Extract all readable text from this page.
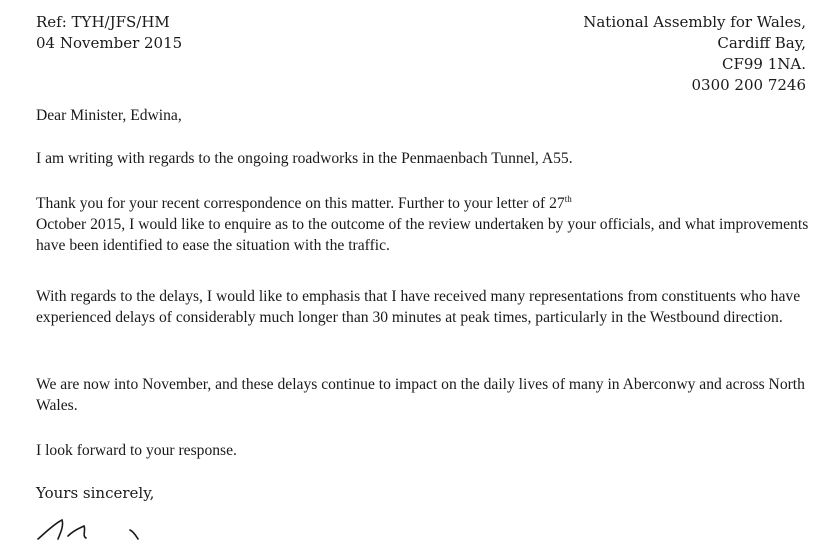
Ref: TYH/JFS/HM
04 November 2015
National Assembly for Wales,
Cardiff Bay,
CF99 1NA.
0300 200 7246

Dear Minister, Edwina,

I am writing with regards to the ongoing roadworks in the Penmaenbach Tunnel, A55.

Thank you for your recent correspondence on this matter. Further to your letter of 27th
October 2015, I would like to enquire as to the outcome of the review undertaken by your officials, and what improvements have been identified to ease the situation with the traffic.

With regards to the delays, I would like to emphasis that I have received many representations from constituents who have experienced delays of considerably much longer than 30 minutes at peak times, particularly in the Westbound direction.

We are now into November, and these delays continue to impact on the daily lives of many in Aberconwy and across North Wales.

I look forward to your response.

Yours sincerely,
